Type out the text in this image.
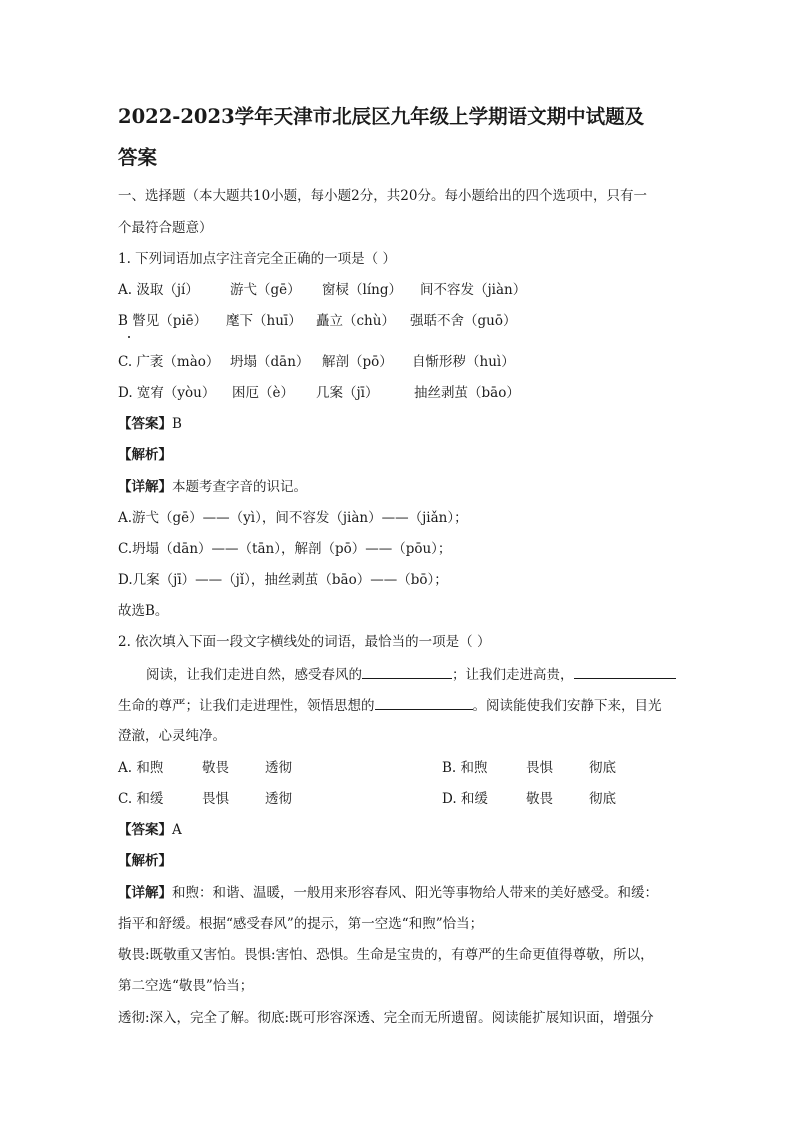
2022-2023学年天津市北辰区九年级上学期语文期中试题及
答案
一、选择题（本大题共10小题，每小题2分，共20分。每小题给出的四个选项中，只有一
个最符合题意）
1. 下列词语加点字注音完全正确的一项是（ ）
A. 汲取（jí） 游弋（gē） 窗棂（líng） 间不容发（jiàn）
B 瞥见（piē） 麾下（huī） 矗立（chù） 强聒不舍（guō）
C. 广袤（mào） 坍塌（dān） 解剖（pō） 自惭形秽（huì）
D. 宽宥（yòu） 困厄（è） 几案（jī）	抽丝剥茧（bāo）
【答案】B
【解析】
【详解】本题考查字音的识记。
A.游弋（gē）——（yì），间不容发（jiàn）——（jiǎn）；
C.坍塌（dān）——（tān），解剖（pō）——（pōu）；
D.几案（jī）——（jǐ），抽丝剥茧（bāo）——（bō）；
故选B。
2. 依次填入下面一段文字横线处的词语，最恰当的一项是（ ）
阅读，让我们走进自然，感受春风的	；让我们走进高贵，
生命的尊严；让我们走进理性，领悟思想的	。阅读能使我们安静下来，目光
澄澈，心灵纯净。
A. 和煦	敬畏	透彻	B. 和煦	畏惧	彻底
C. 和缓	畏惧	透彻	D. 和缓	敬畏	彻底
【答案】A
【解析】
【详解】和煦：和谐、温暖，一般用来形容春风、阳光等事物给人带来的美好感受。和缓：
指平和舒缓。根据“感受春风”的提示，第一空选“和煦”恰当；
敬畏:既敬重又害怕。畏惧:害怕、恐惧。生命是宝贵的，有尊严的生命更值得尊敬，所以，
第二空选“敬畏”恰当；
透彻:深入，完全了解。彻底:既可形容深透、完全而无所遗留。阅读能扩展知识面，增强分
